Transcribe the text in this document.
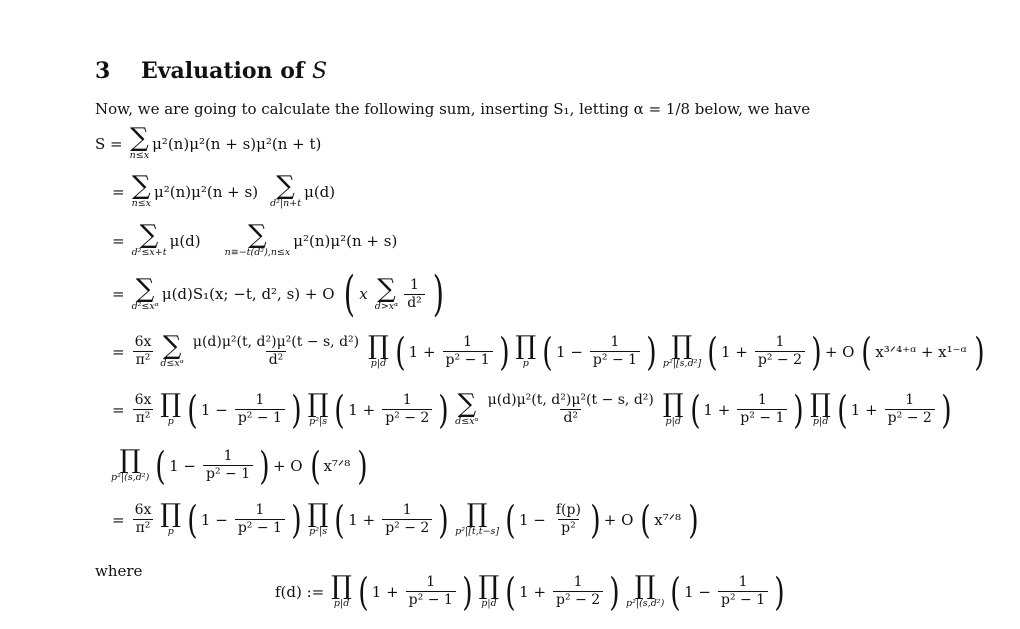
3 Evaluation of S
Now, we are going to calculate the following sum, inserting S₁, letting α = 1/8 below, we have
S = ∑
n≤x
μ²(n)μ²(n + s)μ²(n + t)
= ∑
n≤x
μ²(n)μ²(n + s) ∑
d²|n+t
μ(d)
= ∑
d²≤x+t
μ(d) ∑
n≡−t(d²),n≤x
μ²(n)μ²(n + s)
= ∑
d²≤xᵅ
μ(d)S₁(x; −t, d², s) + O ( x ∑
d>xᵅ $\frac{1}{\text{d²}}$ )
= $\frac{6x}{\text{π²}}$ ∑
d≤xᵅ $\frac{\text{μ(d)μ²(t, d²)μ²(t − s, d²)}}{\text{d²}}$ ∏
p|d ( $1 + \frac{1}{\text{p² − 1}}$ ) ∏
p ( $1 - \frac{1}{\text{p² − 1}}$ ) ∏
p²|[s,d²] ( $1 + \frac{1}{\text{p² − 2}}$ ) + O ( x³ᐟ⁴⁺ᵅ + x¹⁻ᵅ )
= $\frac{6x}{\text{π²}}$ ∏
p ( $1 - \frac{1}{\text{p² − 1}}$ ) ∏
p²|s ( $1 + \frac{1}{\text{p² − 2}}$ ) ∑
d≤xᵅ $\frac{\text{μ(d)μ²(t, d²)μ²(t − s, d²)}}{\text{d²}}$ ∏
p|d ( $1 + \frac{1}{\text{p² − 1}}$ ) ∏
p|d ( $1 + \frac{1}{\text{p² − 2}}$ )
∏
p²|(s,d²) ( $1 - \frac{1}{\text{p² − 1}}$ ) + O ( x⁷ᐟ⁸ )
= $\frac{6x}{\text{π²}}$ ∏
p ( $1 - \frac{1}{\text{p² − 1}}$ ) ∏
p²|s ( $1 + \frac{1}{\text{p² − 2}}$ ) ∏
p²|[t,t−s] ( $1 - \frac{f(p)}{\text{p²}}$ ) + O ( x⁷ᐟ⁸ )
where
f(d) := ∏
p|d ( $1 + \frac{1}{\text{p² − 1}}$ ) ∏
p|d ( $1 + \frac{1}{\text{p² − 2}}$ ) ∏
p²|(s,d²) ( $1 - \frac{1}{\text{p² − 1}}$ )
